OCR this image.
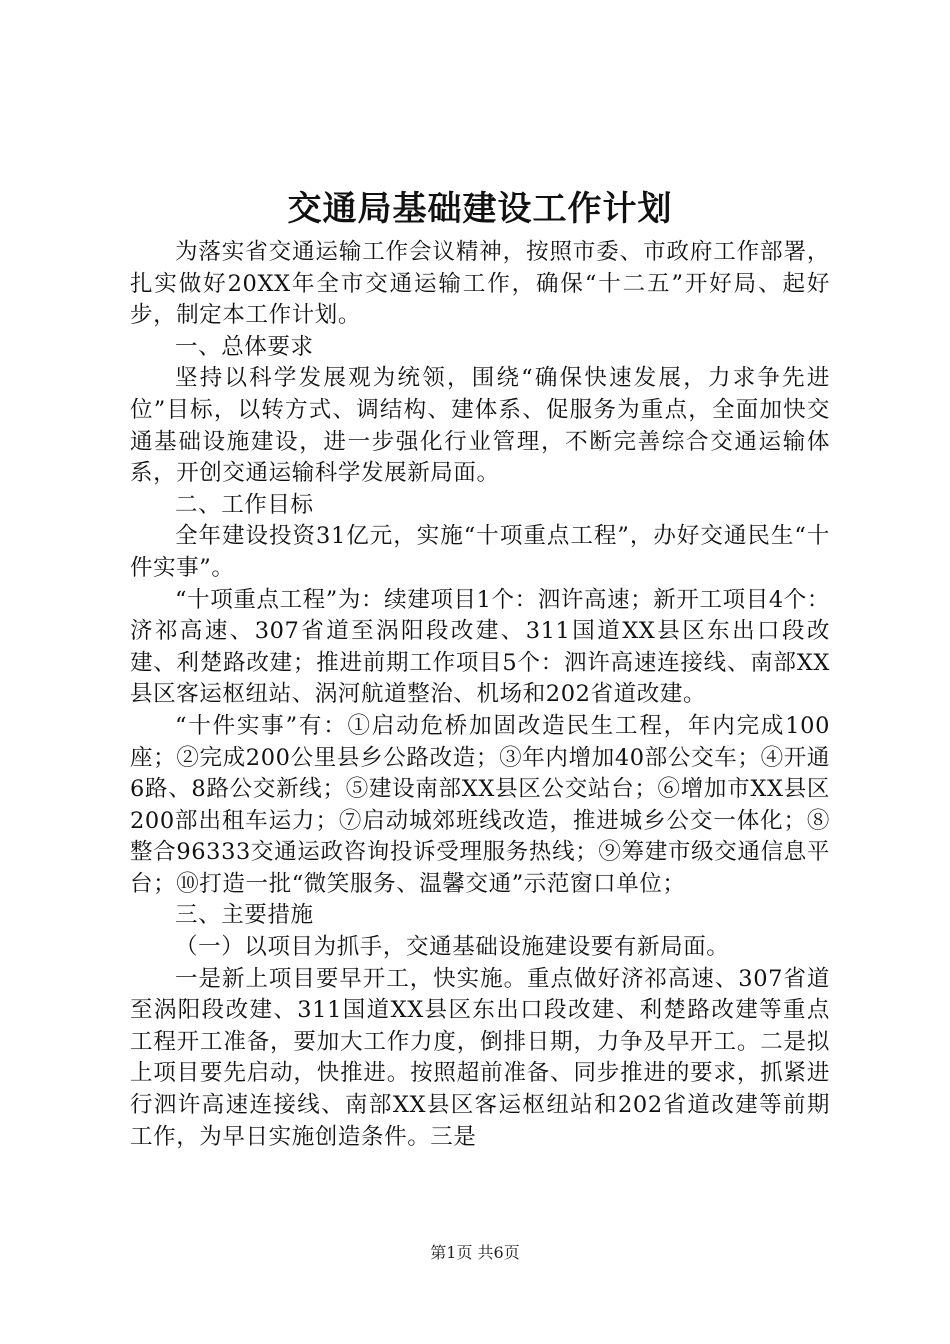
交通局基础建设工作计划

为落实省交通运输工作会议精神，按照市委、市政府工作部署，扎实做好20XX年全市交通运输工作，确保“十二五”开好局、起好步，制定本工作计划。

一、总体要求

坚持以科学发展观为统领，围绕“确保快速发展，力求争先进位”目标，以转方式、调结构、建体系、促服务为重点，全面加快交通基础设施建设，进一步强化行业管理，不断完善综合交通运输体系，开创交通运输科学发展新局面。

二、工作目标

全年建设投资31亿元，实施“十项重点工程”，办好交通民生“十件实事”。

“十项重点工程”为：续建项目1个：泗许高速；新开工项目4个：济祁高速、307省道至涡阳段改建、311国道XX县区东出口段改建、利楚路改建；推进前期工作项目5个：泗许高速连接线、南部XX县区客运枢纽站、涡河航道整治、机场和202省道改建。

“十件实事”有：①启动危桥加固改造民生工程，年内完成100座；②完成200公里县乡公路改造；③年内增加40部公交车；④开通6路、8路公交新线；⑤建设南部XX县区公交站台；⑥增加市XX县区200部出租车运力；⑦启动城郊班线改造，推进城乡公交一体化；⑧整合96333交通运政咨询投诉受理服务热线；⑨筹建市级交通信息平台；⑩打造一批“微笑服务、温馨交通”示范窗口单位；

三、主要措施

（一）以项目为抓手，交通基础设施建设要有新局面。

一是新上项目要早开工，快实施。重点做好济祁高速、307省道至涡阳段改建、311国道XX县区东出口段改建、利楚路改建等重点工程开工准备，要加大工作力度，倒排日期，力争及早开工。二是拟上项目要先启动，快推进。按照超前准备、同步推进的要求，抓紧进行泗许高速连接线、南部XX县区客运枢纽站和202省道改建等前期工作，为早日实施创造条件。三是

第1页 共6页
